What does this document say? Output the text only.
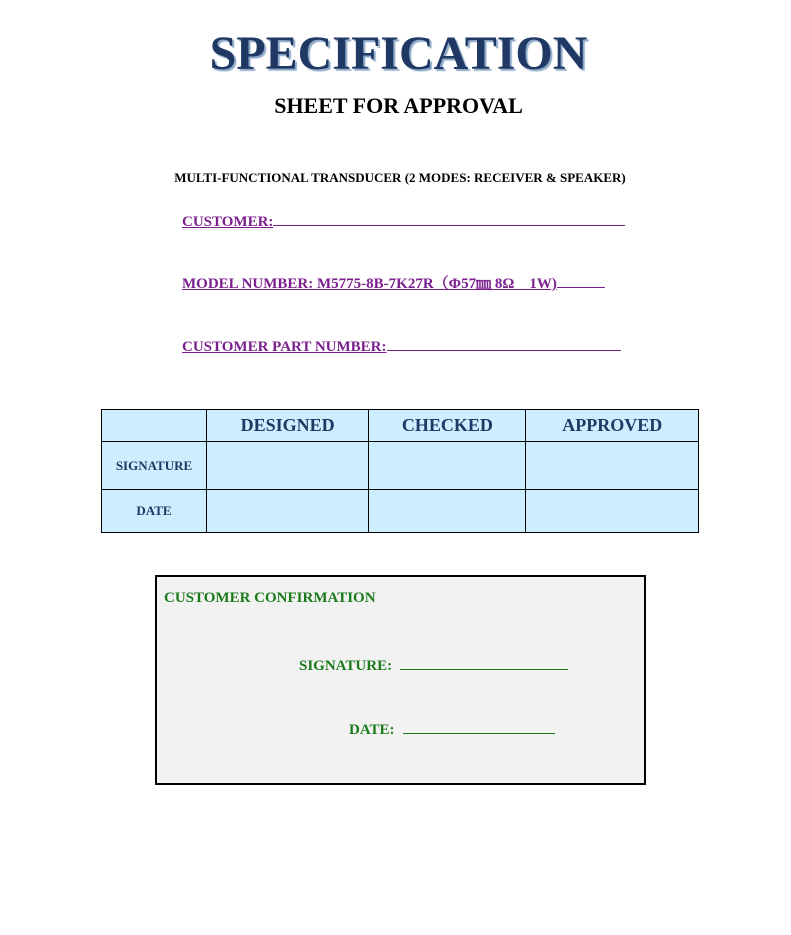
SPECIFICATION
SHEET FOR APPROVAL
MULTI-FUNCTIONAL TRANSDUCER (2 MODES: RECEIVER & SPEAKER)
CUSTOMER:
MODEL NUMBER: M5775-8B-7K27R（Φ57㎜ 8Ω　1W)
CUSTOMER PART NUMBER:
	DESIGNED	CHECKED	APPROVED
SIGNATURE			
DATE			
CUSTOMER CONFIRMATION
SIGNATURE:
DATE:
